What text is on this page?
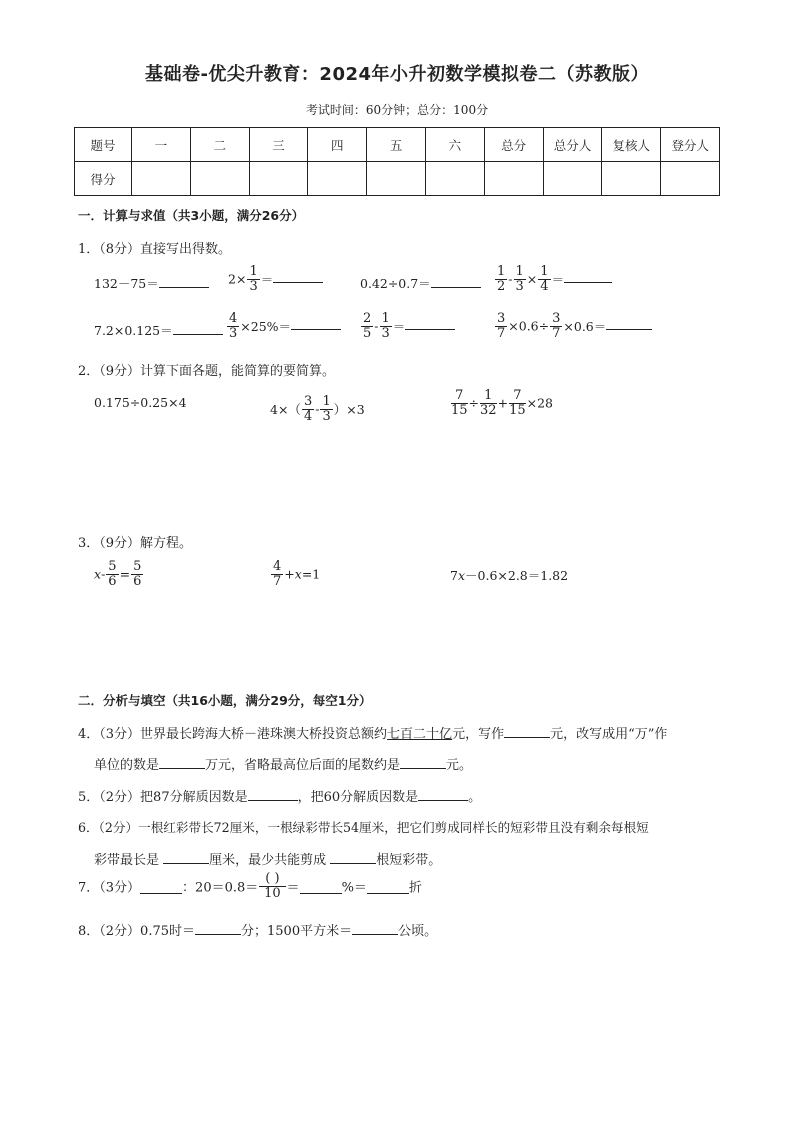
基础卷-优尖升教育：2024年小升初数学模拟卷二（苏教版）
考试时间：60分钟；总分：100分
题号	一	二	三	四	五	六	总分	总分人	复核人	登分人
得分										
一．计算与求值（共3小题，满分26分）
1．（8分）直接写出得数。
132－75＝	$2\times \frac{1}{3}$ ＝	0.42÷0.7＝	$\frac{1}{2} - \frac{1}{3} \times \frac{1}{4}$ ＝
7.2×0.125＝	$\frac{4}{3} \times 25\%=$	$\frac{2}{5} - \frac{1}{3}$ ＝	$\frac{3}{7} \times 0.6\div \frac{3}{7} \times 0.6=$
2．（9分）计算下面各题，能简算的要简算。
0.175÷0.25×4	$4\times( \frac{3}{4} - \frac{1}{3} )\times 3$	$\frac{7}{15} \div \frac{1}{32} + \frac{7}{15} \times 28$
3．（9分）解方程。
$x- \frac{5}{6} = \frac{5}{6}$	$\frac{4}{7} +x=1$	7x－0.6×2.8＝1.82
二．分析与填空（共16小题，满分29分，每空1分）
4．（3分）世界最长跨海大桥－港珠澳大桥投资总额约七百二十亿元，写作	元，改写成用“万”作
单位的数是	万元，省略最高位后面的尾数约是	元。
5．（2分）把87分解质因数是	，把60分解质因数是	。
6．（2分）一根红彩带长72厘米，一根绿彩带长54厘米，把它们剪成同样长的短彩带且没有剩余每根短
彩带最长是	厘米，最少共能剪成	根短彩带。
7．（3分）	：$20=0.8= \frac{( )}{10}$ ＝	%＝	折
8．（2分）0.75时＝	分；1500平方米＝	公顷。
